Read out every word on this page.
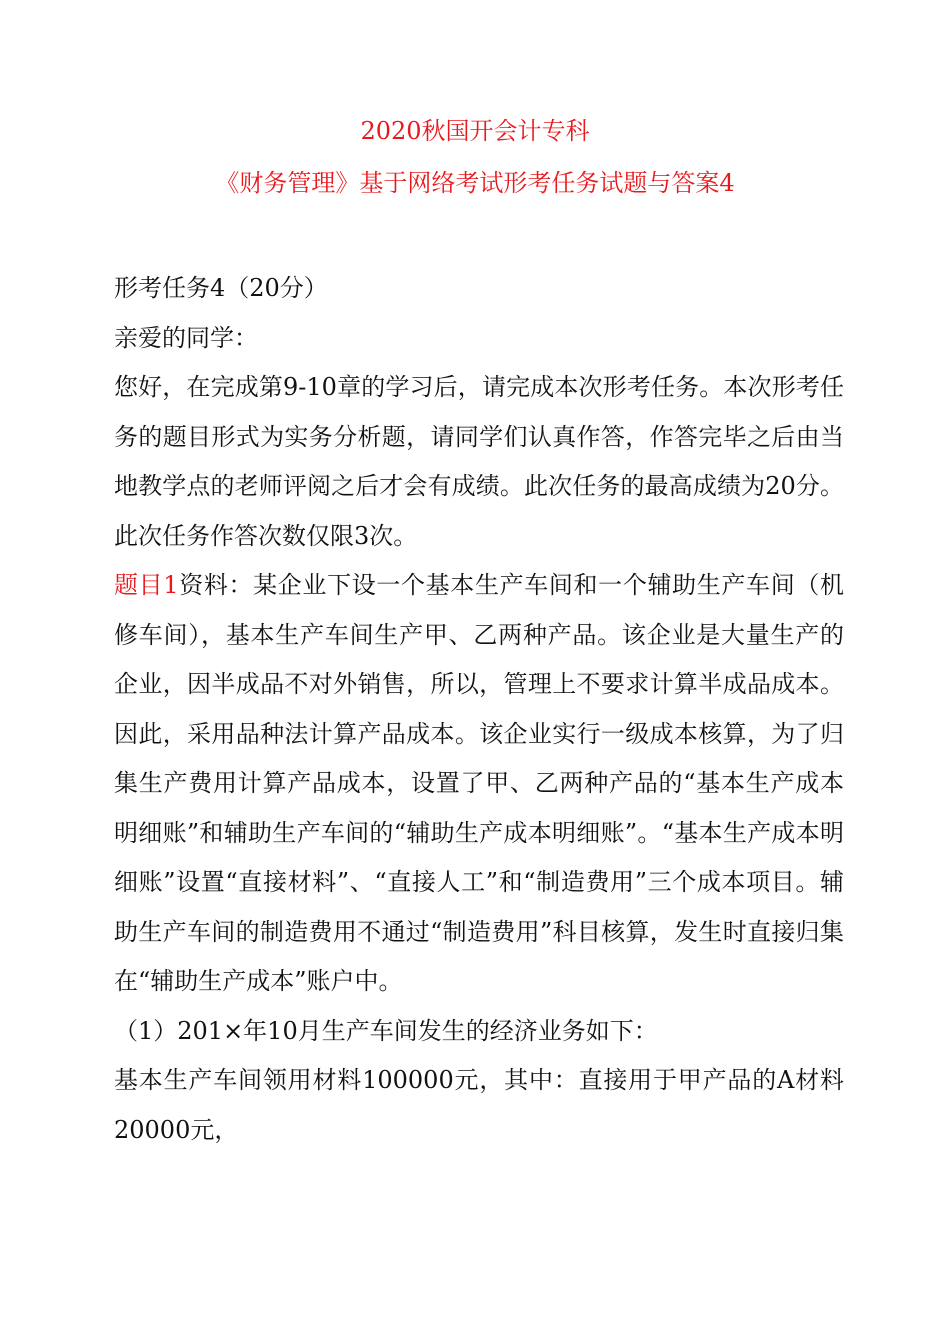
2020秋国开会计专科
《财务管理》基于网络考试形考任务试题与答案4

形考任务4（20分）

亲爱的同学：

您好，在完成第9-10章的学习后，请完成本次形考任务。本次形考任务的题目形式为实务分析题，请同学们认真作答，作答完毕之后由当地教学点的老师评阅之后才会有成绩。此次任务的最高成绩为20分。此次任务作答次数仅限3次。

题目1资料：某企业下设一个基本生产车间和一个辅助生产车间（机修车间），基本生产车间生产甲、乙两种产品。该企业是大量生产的企业，因半成品不对外销售，所以，管理上不要求计算半成品成本。因此，采用品种法计算产品成本。该企业实行一级成本核算，为了归集生产费用计算产品成本，设置了甲、乙两种产品的“基本生产成本明细账”和辅助生产车间的“辅助生产成本明细账”。“基本生产成本明细账”设置“直接材料”、“直接人工”和“制造费用”三个成本项目。辅助生产车间的制造费用不通过“制造费用”科目核算，发生时直接归集在“辅助生产成本”账户中。

（1）201×年10月生产车间发生的经济业务如下：

基本生产车间领用材料100000元，其中：直接用于甲产品的A材料20000元，
